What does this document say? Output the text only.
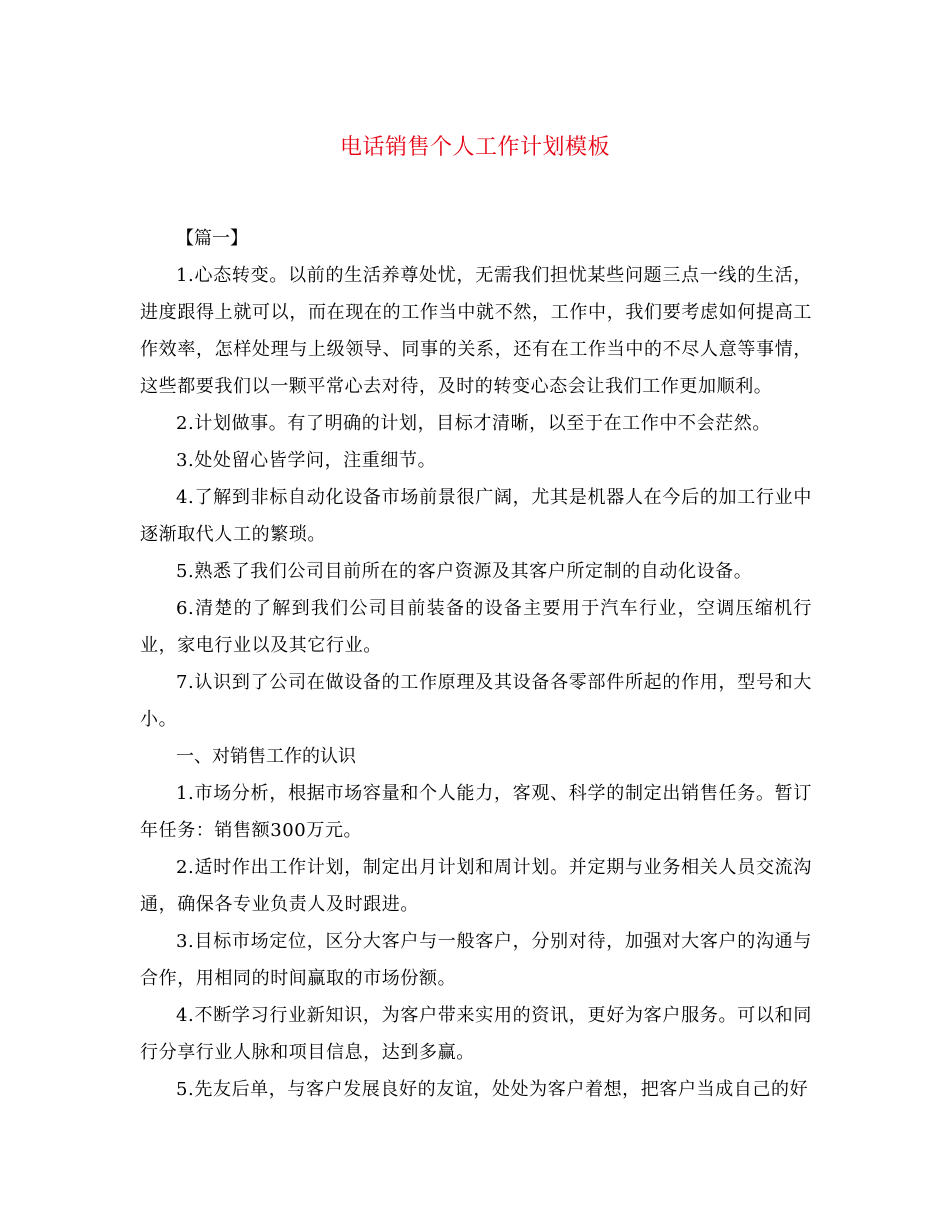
电话销售个人工作计划模板

【篇一】

1.心态转变。以前的生活养尊处忧，无需我们担忧某些问题三点一线的生活，进度跟得上就可以，而在现在的工作当中就不然，工作中，我们要考虑如何提高工作效率，怎样处理与上级领导、同事的关系，还有在工作当中的不尽人意等事情，这些都要我们以一颗平常心去对待，及时的转变心态会让我们工作更加顺利。

2.计划做事。有了明确的计划，目标才清晰，以至于在工作中不会茫然。

3.处处留心皆学问，注重细节。

4.了解到非标自动化设备市场前景很广阔，尤其是机器人在今后的加工行业中逐渐取代人工的繁琐。

5.熟悉了我们公司目前所在的客户资源及其客户所定制的自动化设备。

6.清楚的了解到我们公司目前装备的设备主要用于汽车行业，空调压缩机行业，家电行业以及其它行业。

7.认识到了公司在做设备的工作原理及其设备各零部件所起的作用，型号和大小。

一、对销售工作的认识

1.市场分析，根据市场容量和个人能力，客观、科学的制定出销售任务。暂订年任务：销售额300万元。

2.适时作出工作计划，制定出月计划和周计划。并定期与业务相关人员交流沟通，确保各专业负责人及时跟进。

3.目标市场定位，区分大客户与一般客户，分别对待，加强对大客户的沟通与合作，用相同的时间赢取的市场份额。

4.不断学习行业新知识，为客户带来实用的资讯，更好为客户服务。可以和同行分享行业人脉和项目信息，达到多赢。

5.先友后单，与客户发展良好的友谊，处处为客户着想，把客户当成自己的好
